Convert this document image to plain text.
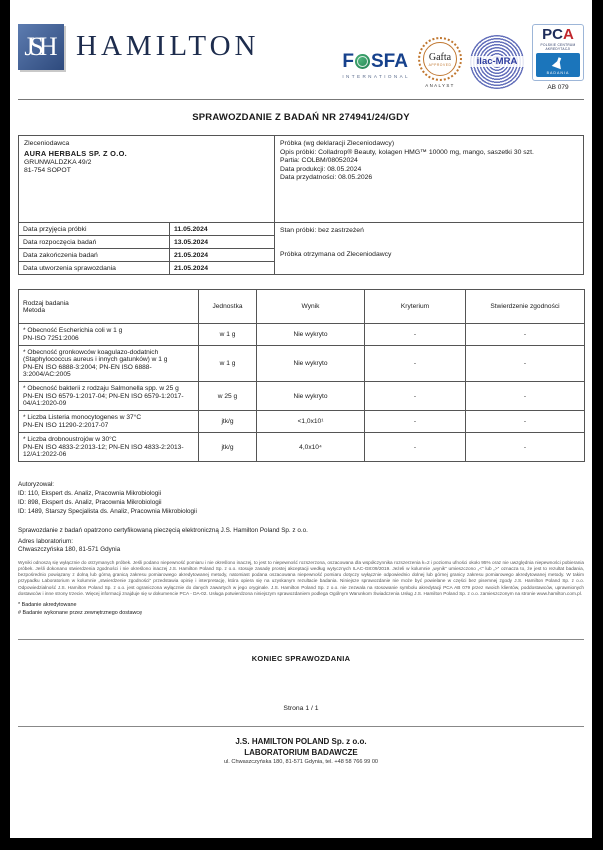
JSH HAMILTON	F SFA
INTERNATIONAL
Gafta
APPROVED
ANALYST
ilac-MRA
PCA
POLSKIE CENTRUM AKREDYTACJI
BADANIA
AB 079
SPRAWOZDANIE Z BADAŃ NR 274941/24/GDY
Zleceniodawca
AURA HERBALS SP. Z O.O.
GRUNWALDZKA 49/2
81-754 SOPOT
Próbka (wg deklaracji Zleceniodawcy)
Opis próbki: Colladrop® Beauty, kolagen HMG™ 10000 mg, mango, saszetki 30 szt.
Partia: COLBM/08052024
Data produkcji: 08.05.2024
Data przydatności: 08.05.2026
Data przyjęcia próbki	11.05.2024
Data rozpoczęcia badań	13.05.2024
Data zakończenia badań	21.05.2024
Data utworzenia sprawozdania	21.05.2024
Stan próbki: bez zastrzeżeń
Próbka otrzymana od Zleceniodawcy
Rodzaj badania
Metoda	Jednostka	Wynik	Kryterium	Stwierdzenie zgodności

* Obecność Escherichia coli w 1 g
PN-ISO 7251:2006	w 1 g	Nie wykryto	-	-

* Obecność gronkowców koagulazo-dodatnich (Staphylococcus aureus i innych gatunków) w 1 g
PN-EN ISO 6888-3:2004; PN-EN ISO 6888-3:2004/AC:2005	w 1 g	Nie wykryto	-	-

* Obecność bakterii z rodzaju Salmonella spp. w 25 g
PN-EN ISO 6579-1:2017-04; PN-EN ISO 6579-1:2017-04/A1:2020-09	w 25 g	Nie wykryto	-	-

* Liczba Listeria monocytogenes w 37°C
PN-EN ISO 11290-2:2017-07	jtk/g	<1,0x10¹	-	-

* Liczba drobnoustrojów w 30°C
PN-EN ISO 4833-2:2013-12; PN-EN ISO 4833-2:2013-12/A1:2022-06	jtk/g	4,0x10⁴	-	-
Autoryzował:
ID: 110, Ekspert ds. Analiz, Pracownia Mikrobiologii
ID: 898, Ekspert ds. Analiz, Pracownia Mikrobiologii
ID: 1489, Starszy Specjalista ds. Analiz, Pracownia Mikrobiologii
Sprawozdanie z badań opatrzono certyfikowaną pieczęcią elektroniczną J.S. Hamilton Poland Sp. z o.o.
Adres laboratorium:
Chwaszczyńska 180, 81-571 Gdynia
Wyniki odnoszą się wyłącznie do otrzymanych próbek. Jeśli podano niepewność pomiaru i nie określono inaczej, to jest to niepewność rozszerzona, oszacowana dla współczynnika rozszerzenia k=2 i poziomu ufności około 95% oraz nie uwzględnia niepewności pobierania próbek. Jeśli dokonano stwierdzenia zgodności i nie określono inaczej J.S. Hamilton Poland Sp. z o.o. stosuje zasadę prostej akceptacji według wytycznych ILAC-G8:09/2019. Jeżeli w kolumnie „wynik” umieszczono „<” lub „>” oznacza to, że jest to rezultat badania, bezpośrednio powiązany z dolną lub górną granicą zakresu pomiarowego akredytowanej metody, natomiast podana oszacowana niepewność pomiaru dotyczy wyłącznie odpowiednio dolnej lub górnej granicy zakresu pomiarowego akredytowanej metody. W takim przypadku Laboratorium w kolumnie „stwierdzenie zgodności” przedstawia opinię i interpretację, która opiera się na uzyskanym rezultacie badania. Niniejsze sprawozdanie nie może być powielane w części bez pisemnej zgody J.S. Hamilton Poland Sp. z o.o. Odpowiedzialność J.S. Hamilton Poland Sp. z o.o. jest ograniczona wyłącznie do danych zawartych w jego oryginale. J.S. Hamilton Poland Sp. z o.o. nie zezwala na stosowanie symbolu akredytacji PCA AB 079 przez swoich klientów, poddostawców, uprawnionych dostawców i inne strony trzecie. Więcej informacji znajduje się w dokumencie PCA - DA-02. Usługa potwierdzona niniejszym sprawozdaniem podlega Ogólnym Warunkom Świadczenia Usług J.S. Hamilton Poland Sp. z o.o. zamieszczonym na stronie www.hamilton.com.pl.
* Badanie akredytowane
# Badanie wykonane przez zewnętrznego dostawcę
KONIEC SPRAWOZDANIA
Strona 1 / 1
J.S. HAMILTON POLAND Sp. z o.o.
LABORATORIUM BADAWCZE
ul. Chwaszczyńska 180, 81-571 Gdynia, tel. +48 58 766 99 00
